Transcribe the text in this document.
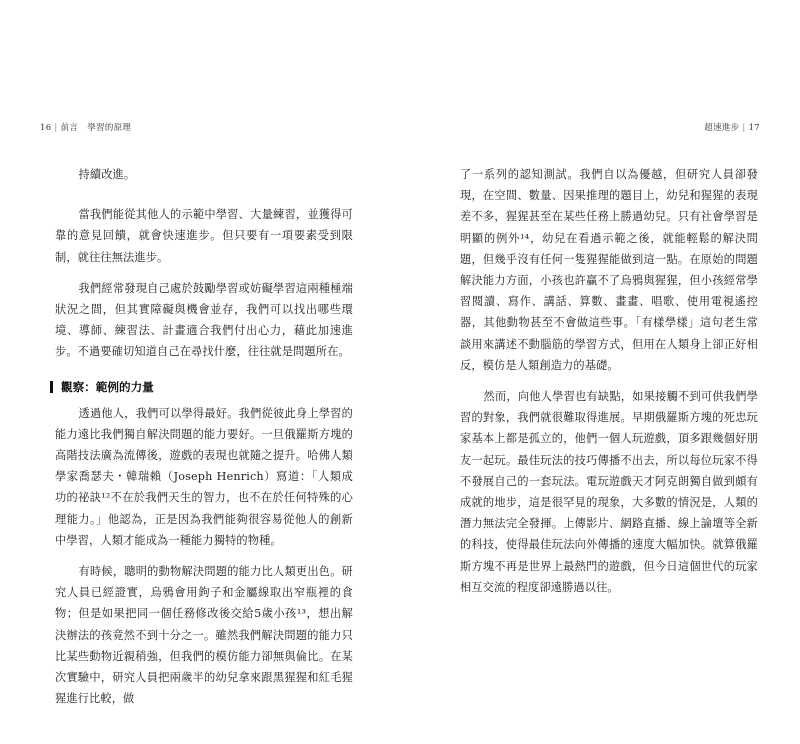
16 | 前言 學習的原理

持續改進。

當我們能從其他人的示範中學習、大量練習，並獲得可靠的意見回饋，就會快速進步。但只要有一項要素受到限制，就往往無法進步。

我們經常發現自己處於鼓勵學習或妨礙學習這兩種極端狀況之間，但其實障礙與機會並存，我們可以找出哪些環境、導師、練習法、計畫適合我們付出心力，藉此加速進步。不過要確切知道自己在尋找什麼，往往就是問題所在。

觀察：範例的力量

透過他人，我們可以學得最好。我們從彼此身上學習的能力遠比我們獨自解決問題的能力要好。一旦俄羅斯方塊的高階技法廣為流傳後，遊戲的表現也就隨之提升。哈佛人類學家喬瑟夫・韓瑞賴（Joseph Henrich）寫道：「人類成功的祕訣¹²不在於我們天生的智力，也不在於任何特殊的心理能力。」他認為，正是因為我們能夠很容易從他人的創新中學習，人類才能成為一種能力獨特的物種。

有時候，聰明的動物解決問題的能力比人類更出色。研究人員已經證實，烏鴉會用鉤子和金屬線取出窄瓶裡的食物；但是如果把同一個任務修改後交給5歲小孩¹³，想出解決辦法的孩竟然不到十分之一。雖然我們解決問題的能力只比某些動物近親稍強，但我們的模仿能力卻無與倫比。在某次實驗中，研究人員把兩歲半的幼兒拿來跟黑猩猩和紅毛猩猩進行比較，做

超速進步 | 17

了一系列的認知測試。我們自以為優越，但研究人員卻發現，在空間、數量、因果推理的題目上，幼兒和猩猩的表現差不多，猩猩甚至在某些任務上勝過幼兒。只有社會學習是明顯的例外¹⁴，幼兒在看過示範之後，就能輕鬆的解決問題，但幾乎沒有任何一隻猩猩能做到這一點。在原始的問題解決能力方面，小孩也許贏不了烏鴉與猩猩，但小孩經常學習閱讀、寫作、講話、算數、畫畫、唱歌、使用電視遙控器，其他動物甚至不會做這些事。「有樣學樣」這句老生常談用來講述不動腦筋的學習方式，但用在人類身上卻正好相反，模仿是人類創造力的基礎。

然而，向他人學習也有缺點，如果接觸不到可供我們學習的對象，我們就很難取得進展。早期俄羅斯方塊的死忠玩家基本上都是孤立的，他們一個人玩遊戲，頂多跟幾個好朋友一起玩。最佳玩法的技巧傳播不出去，所以每位玩家不得不發展自己的一套玩法。電玩遊戲天才阿克朗獨自做到頗有成就的地步，這是很罕見的現象，大多數的情況是，人類的潛力無法完全發揮。上傳影片、網路直播、線上論壇等全新的科技，使得最佳玩法向外傳播的速度大幅加快。就算俄羅斯方塊不再是世界上最熱門的遊戲，但今日這個世代的玩家相互交流的程度卻遠勝過以往。
